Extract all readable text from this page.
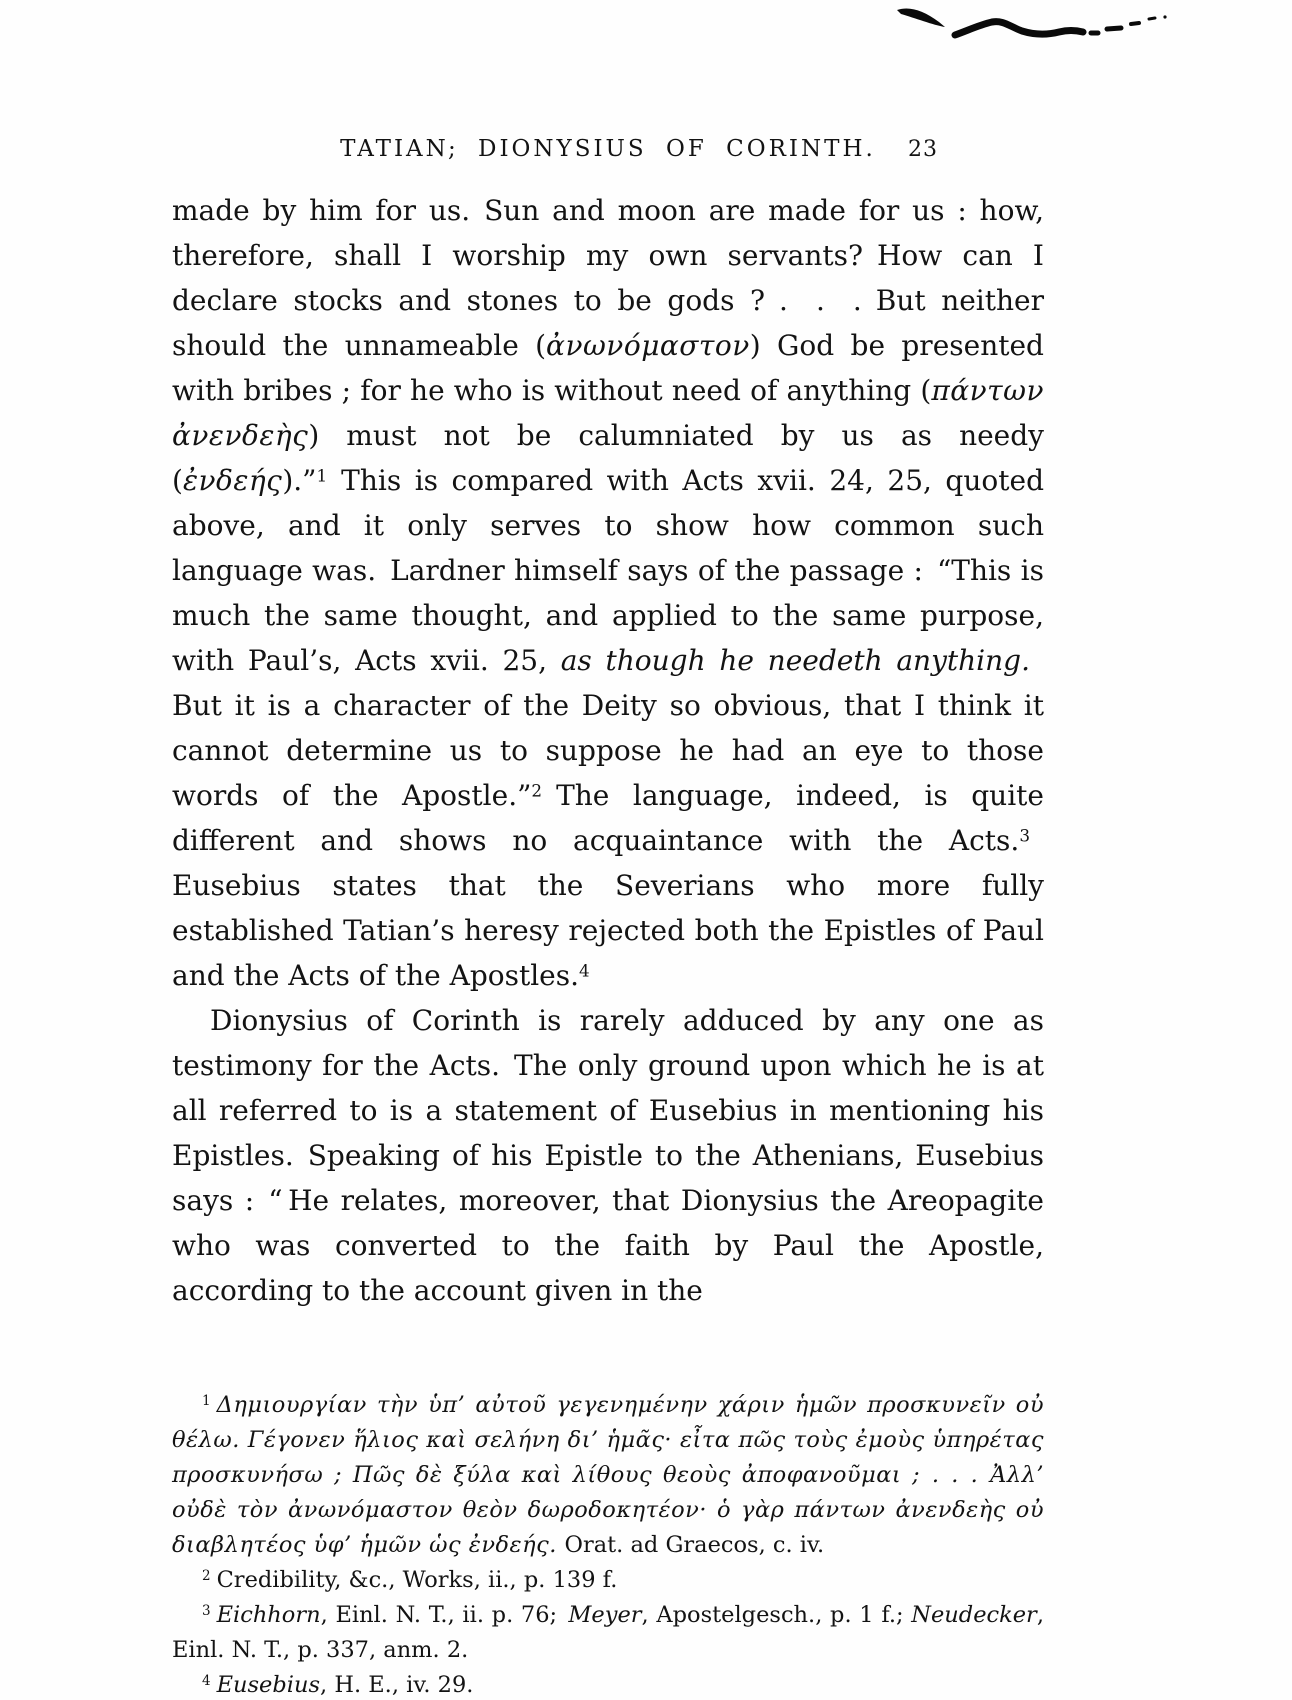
TATIAN; DIONYSIUS OF CORINTH.	23

made by him for us. Sun and moon are made for us : how, therefore, shall I worship my own servants? How can I declare stocks and stones to be gods ? .  .  . But neither should the unnameable (ἀνωνόμαστον) God be presented with bribes ; for he who is without need of anything (πάντων ἀνενδεὴς) must not be calumniated by us as needy (ἐνδεής).”$^1$ This is compared with Acts xvii. 24, 25, quoted above, and it only serves to show how common such language was. Lardner himself says of the passage : “This is much the same thought, and applied to the same purpose, with Paul’s, Acts xvii. 25, as though he needeth anything. But it is a character of the Deity so obvious, that I think it cannot determine us to suppose he had an eye to those words of the Apostle.”$^2$ The language, indeed, is quite different and shows no acquaintance with the Acts.$^3$ Eusebius states that the Severians who more fully established Tatian’s heresy rejected both the Epistles of Paul and the Acts of the Apostles.$^4$

Dionysius of Corinth is rarely adduced by any one as testimony for the Acts. The only ground upon which he is at all referred to is a statement of Eusebius in mentioning his Epistles. Speaking of his Epistle to the Athenians, Eusebius says : “ He relates, moreover, that Dionysius the Areopagite who was converted to the faith by Paul the Apostle, according to the account given in the

$^1$ Δημιουργίαν τὴν ὑπ’ αὐτοῦ γεγενημένην χάριν ἡμῶν προσκυνεῖν οὐ θέλω. Γέγονεν ἥλιος καὶ σελήνη δι’ ἡμᾶς· εἶτα πῶς τοὺς ἐμοὺς ὑπηρέτας προσκυνήσω ; Πῶς δὲ ξύλα καὶ λίθους θεοὺς ἀποφανοῦμαι ; . . . Ἀλλ’ οὐδὲ τὸν ἀνωνόμαστον θεὸν δωροδοκητέον· ὁ γὰρ πάντων ἀνενδεὴς οὐ διαβλητέος ὑφ’ ἡμῶν ὡς ἐνδεής. Orat. ad Graecos, c. iv.

$^2$ Credibility, &c., Works, ii., p. 139 f.

$^3$ Eichhorn, Einl. N. T., ii. p. 76; Meyer, Apostelgesch., p. 1 f.; Neudecker, Einl. N. T., p. 337, anm. 2.

$^4$ Eusebius, H. E., iv. 29.
